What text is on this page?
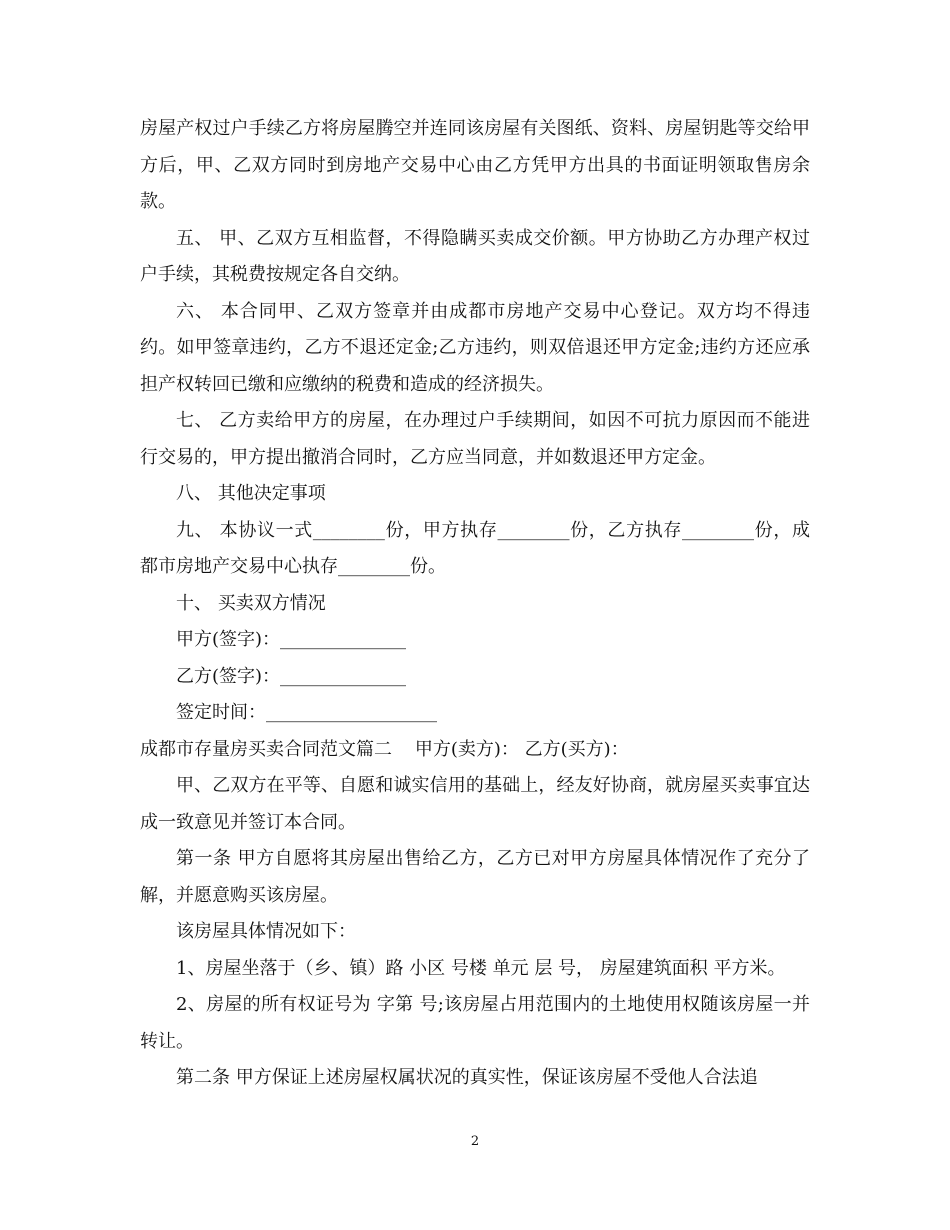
房屋产权过户手续乙方将房屋腾空并连同该房屋有关图纸、资料、房屋钥匙等交给甲方后，甲、乙双方同时到房地产交易中心由乙方凭甲方出具的书面证明领取售房余款。

五、 甲、乙双方互相监督，不得隐瞒买卖成交价额。甲方协助乙方办理产权过户手续，其税费按规定各自交纳。

六、 本合同甲、乙双方签章并由成都市房地产交易中心登记。双方均不得违约。如甲签章违约，乙方不退还定金;乙方违约，则双倍退还甲方定金;违约方还应承担产权转回已缴和应缴纳的税费和造成的经济损失。

七、 乙方卖给甲方的房屋，在办理过户手续期间，如因不可抗力原因而不能进行交易的，甲方提出撤消合同时，乙方应当同意，并如数退还甲方定金。

八、 其他决定事项

九、 本协议一式________份，甲方执存________份，乙方执存________份，成都市房地产交易中心执存________份。

十、 买卖双方情况

甲方(签字)：______________

乙方(签字)：______________

签定时间：___________________

成都市存量房买卖合同范文篇二    甲方(卖方)： 乙方(买方)：

甲、乙双方在平等、自愿和诚实信用的基础上，经友好协商，就房屋买卖事宜达成一致意见并签订本合同。

第一条 甲方自愿将其房屋出售给乙方，乙方已对甲方房屋具体情况作了充分了解，并愿意购买该房屋。

该房屋具体情况如下：

1、房屋坐落于（乡、镇）路 小区 号楼 单元 层 号， 房屋建筑面积 平方米。

2、房屋的所有权证号为 字第 号;该房屋占用范围内的土地使用权随该房屋一并转让。

第二条 甲方保证上述房屋权属状况的真实性，保证该房屋不受他人合法追

2
